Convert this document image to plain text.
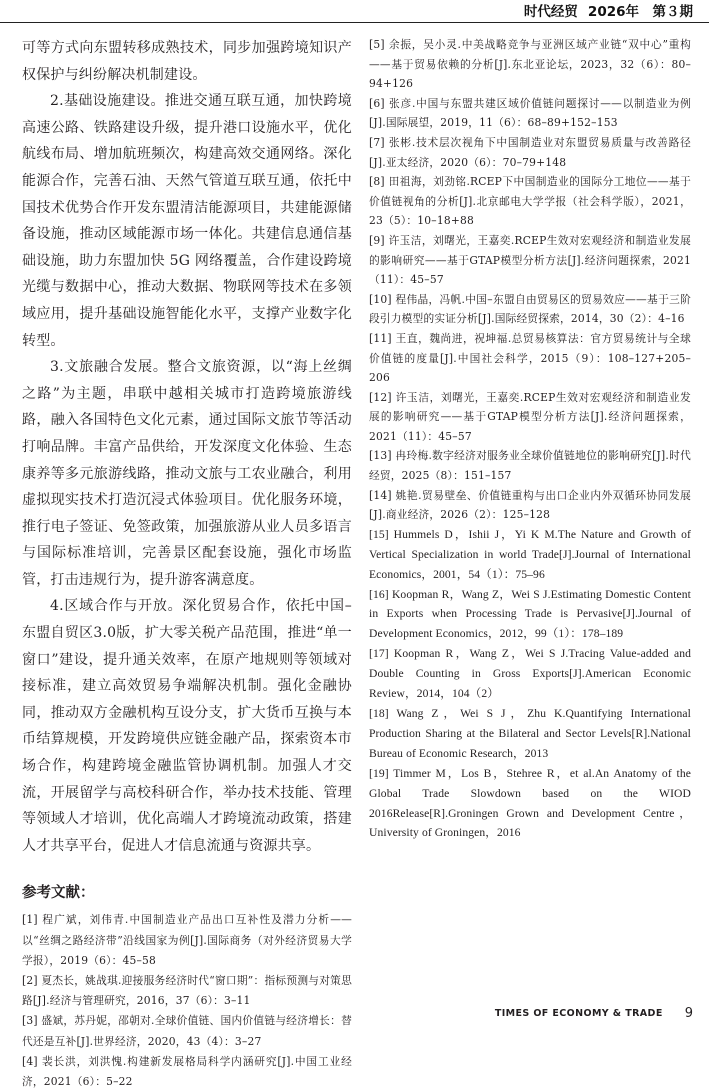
时代经贸 2026年　第３期

可等方式向东盟转移成熟技术，同步加强跨境知识产权保护与纠纷解决机制建设。

2.基础设施建设。推进交通互联互通，加快跨境高速公路、铁路建设升级，提升港口设施水平，优化航线布局、增加航班频次，构建高效交通网络。深化能源合作，完善石油、天然气管道互联互通，依托中国技术优势合作开发东盟清洁能源项目，共建能源储备设施，推动区域能源市场一体化。共建信息通信基础设施，助力东盟加快 5G 网络覆盖，合作建设跨境光缆与数据中心，推动大数据、物联网等技术在多领域应用，提升基础设施智能化水平，支撑产业数字化转型。

3.文旅融合发展。整合文旅资源，以“海上丝绸之路”为主题，串联中越相关城市打造跨境旅游线路，融入各国特色文化元素，通过国际文旅节等活动打响品牌。丰富产品供给，开发深度文化体验、生态康养等多元旅游线路，推动文旅与工农业融合，利用虚拟现实技术打造沉浸式体验项目。优化服务环境，推行电子签证、免签政策，加强旅游从业人员多语言与国际标准培训，完善景区配套设施，强化市场监管，打击违规行为，提升游客满意度。

4.区域合作与开放。深化贸易合作，依托中国–东盟自贸区3.0版，扩大零关税产品范围，推进“单一窗口”建设，提升通关效率，在原产地规则等领域对接标准，建立高效贸易争端解决机制。强化金融协同，推动双方金融机构互设分支，扩大货币互换与本币结算规模，开发跨境供应链金融产品，探索资本市场合作，构建跨境金融监管协调机制。加强人才交流，开展留学与高校科研合作，举办技术技能、管理等领域人才培训，优化高端人才跨境流动政策，搭建人才共享平台，促进人才信息流通与资源共享。

参考文献：

[1] 程广斌，刘伟青.中国制造业产品出口互补性及潜力分析——以“丝绸之路经济带”沿线国家为例[J].国际商务（对外经济贸易大学学报），2019（6）：45–58

[2] 夏杰长，姚战琪.迎接服务经济时代“窗口期”：指标预测与对策思路[J].经济与管理研究，2016，37（6）：3–11

[3] 盛斌，苏丹妮，邵朝对.全球价值链、国内价值链与经济增长：替代还是互补[J].世界经济，2020，43（4）：3–27

[4] 裴长洪，刘洪愧.构建新发展格局科学内涵研究[J].中国工业经济，2021（6）：5–22

[5] 余振，吴小灵.中美战略竞争与亚洲区域产业链“双中心”重构——基于贸易依赖的分析[J].东北亚论坛，2023，32（6）：80–94+126

[6] 张彦.中国与东盟共建区域价值链问题探讨——以制造业为例[J].国际展望，2019，11（6）：68–89+152–153

[7] 张彬.技术层次视角下中国制造业对东盟贸易质量与改善路径[J].亚太经济，2020（6）：70–79+148

[8] 田祖海，刘劲铭.RCEP下中国制造业的国际分工地位——基于价值链视角的分析[J].北京邮电大学学报（社会科学版），2021，23（5）：10–18+88

[9] 许玉洁，刘曙光，王嘉奕.RCEP生效对宏观经济和制造业发展的影响研究——基于GTAP模型分析方法[J].经济问题探索，2021（11）：45–57

[10] 程伟晶，冯帆.中国–东盟自由贸易区的贸易效应——基于三阶段引力模型的实证分析[J].国际经贸探索，2014，30（2）：4–16

[11] 王直，魏尚进，祝坤福.总贸易核算法：官方贸易统计与全球价值链的度量[J].中国社会科学，2015（9）：108–127+205–206

[12] 许玉洁，刘曙光，王嘉奕.RCEP生效对宏观经济和制造业发展的影响研究——基于GTAP模型分析方法[J].经济问题探索，2021（11）：45–57

[13] 冉玲梅.数字经济对服务业全球价值链地位的影响研究[J].时代经贸，2025（8）：151–157

[14] 姚艳.贸易壁垒、价值链重构与出口企业内外双循环协同发展[J].商业经济，2026（2）：125–128

[15] Hummels D，Ishii J，Yi K M.The Nature and Growth of Vertical Specialization in world Trade[J].Journal of International Economics，2001，54（1）：75–96

[16] Koopman R，Wang Z，Wei S J.Estimating Domestic Content in Exports when Processing Trade is Pervasive[J].Journal of Development Economics，2012，99（1）：178–189

[17] Koopman R，Wang Z，Wei S J.Tracing Value-added and Double Counting in Gross Exports[J].American Economic Review，2014，104（2）

[18] Wang Z，Wei S J，Zhu K.Quantifying International Production Sharing at the Bilateral and Sector Levels[R].National Bureau of Economic Research，2013

[19] Timmer M，Los B，Stehree R，et al.An Anatomy of the Global Trade Slowdown based on the WIOD 2016Release[R].Groningen Grown and Development Centre，University of Groningen，2016

TIMES OF ECONOMY & TRADE 9
